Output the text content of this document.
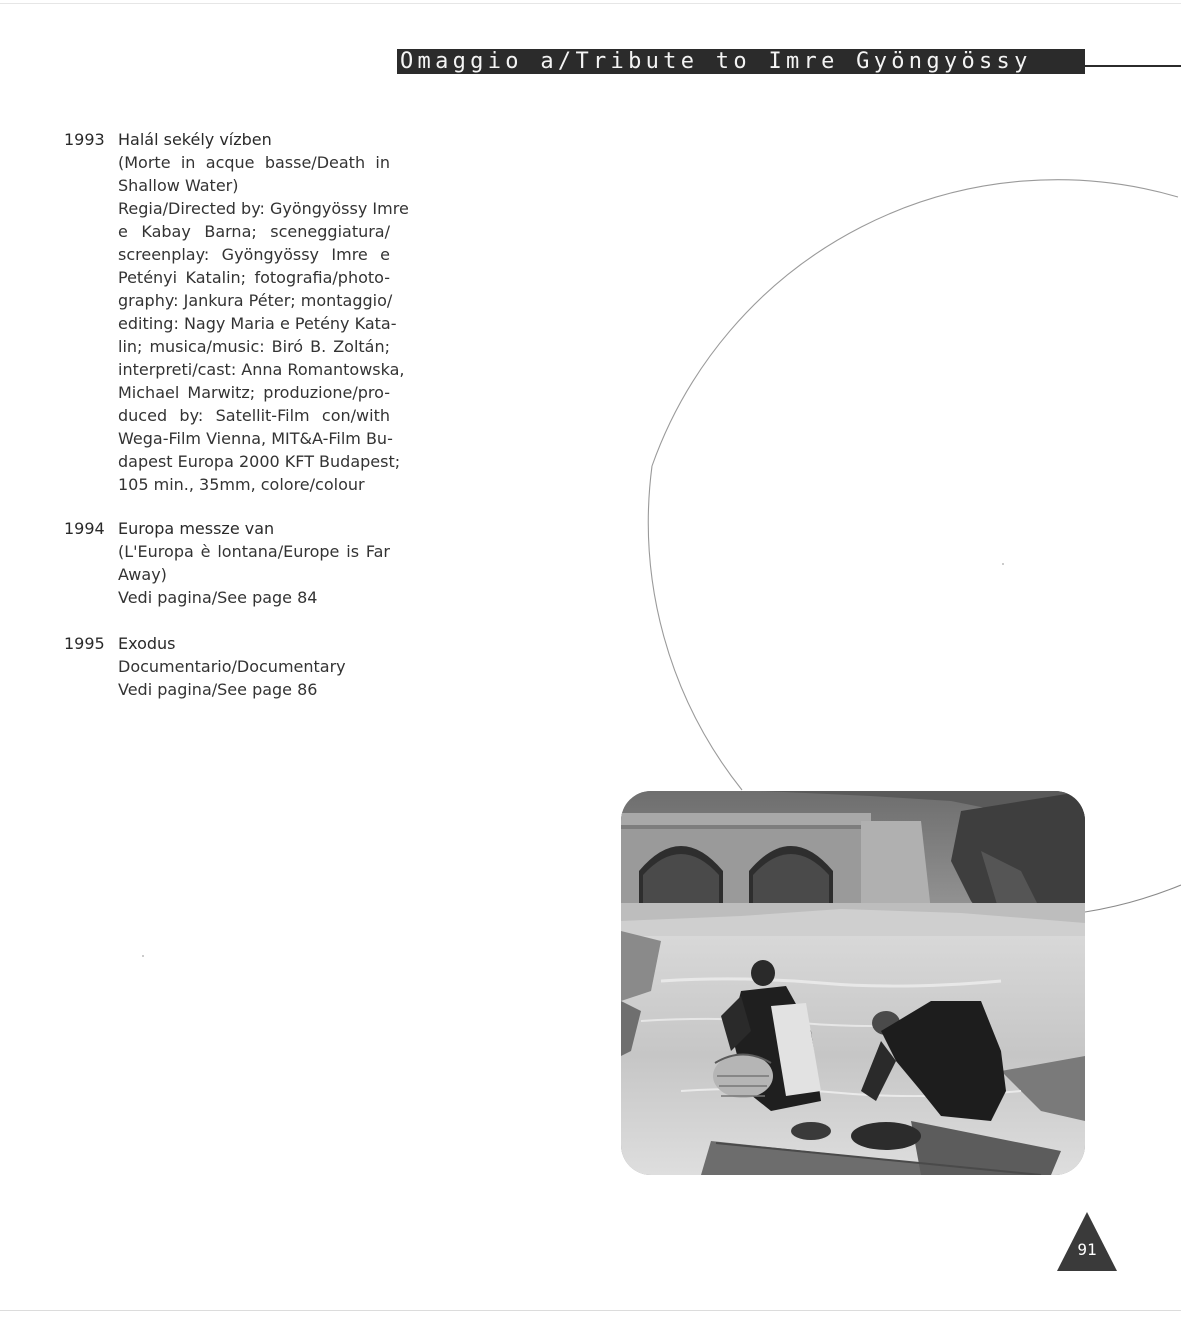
Omaggio a/Tribute to Imre Gyöngyössy
1993 Halál sekély vízben
(Morte in acque basse/Death in
Shallow Water)
Regia/Directed by: Gyöngyössy Imre
e Kabay Barna; sceneggiatura/
screenplay: Gyöngyössy Imre e
Petényi Katalin; fotografia/photo-
graphy: Jankura Péter; montaggio/
editing: Nagy Maria e Petény Kata-
lin; musica/music: Biró B. Zoltán;
interpreti/cast: Anna Romantowska,
Michael Marwitz; produzione/pro-
duced by: Satellit-Film con/with
Wega-Film Vienna, MIT&A-Film Bu-
dapest Europa 2000 KFT Budapest;
105 min., 35mm, colore/colour
1994 Europa messze van
(L'Europa è lontana/Europe is Far
Away)
Vedi pagina/See page 84
1995 Exodus
Documentario/Documentary
Vedi pagina/See page 86
91
